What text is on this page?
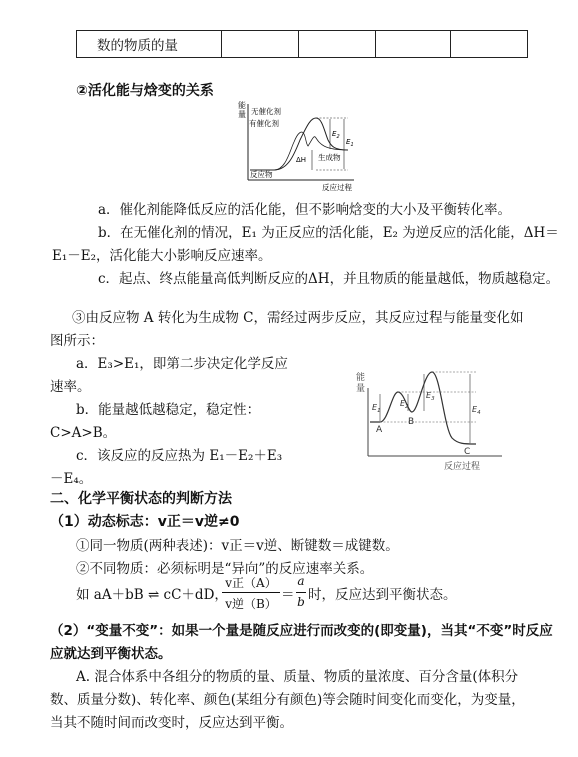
数的物质的量				
②活化能与焓变的关系
能
量 无催化剂
有催化剂
$E_2$
$E_1$
ΔH 生成物
反应物
反应过程
a．催化剂能降低反应的活化能，但不影响焓变的大小及平衡转化率。
b．在无催化剂的情况，E₁ 为正反应的活化能，E₂ 为逆反应的活化能，ΔH＝
E₁－E₂，活化能大小影响反应速率。
c．起点、终点能量高低判断反应的ΔH，并且物质的能量越低，物质越稳定。
③由反应物 A 转化为生成物 C，需经过两步反应，其反应过程与能量变化如
图所示：
a．E₃>E₁，即第二步决定化学反应
速率。
b．能量越低越稳定，稳定性：
C>A>B。
c．该反应的反应热为 E₁－E₂＋E₃
－E₄。
能
量
$E_1$
$E_2$
$E_3$
$E_4$
A
B
C
反应过程
二、化学平衡状态的判断方法
（1）动态标志：v正＝v逆≠0
①同一物质(两种表述)：v正＝v逆、断键数＝成键数。
②不同物质：必须标明是“异向”的反应速率关系。
如 aA＋bB ⇌ cC＋dD，
v正（A）
v逆（B）
＝
a
b 时，反应达到平衡状态。
（2）“变量不变”：如果一个量是随反应进行而改变的(即变量)，当其“不变”时反应
应就达到平衡状态。
A. 混合体系中各组分的物质的量、质量、物质的量浓度、百分含量(体积分
数、质量分数)、转化率、颜色(某组分有颜色)等会随时间变化而变化，为变量，
当其不随时间而改变时，反应达到平衡。
